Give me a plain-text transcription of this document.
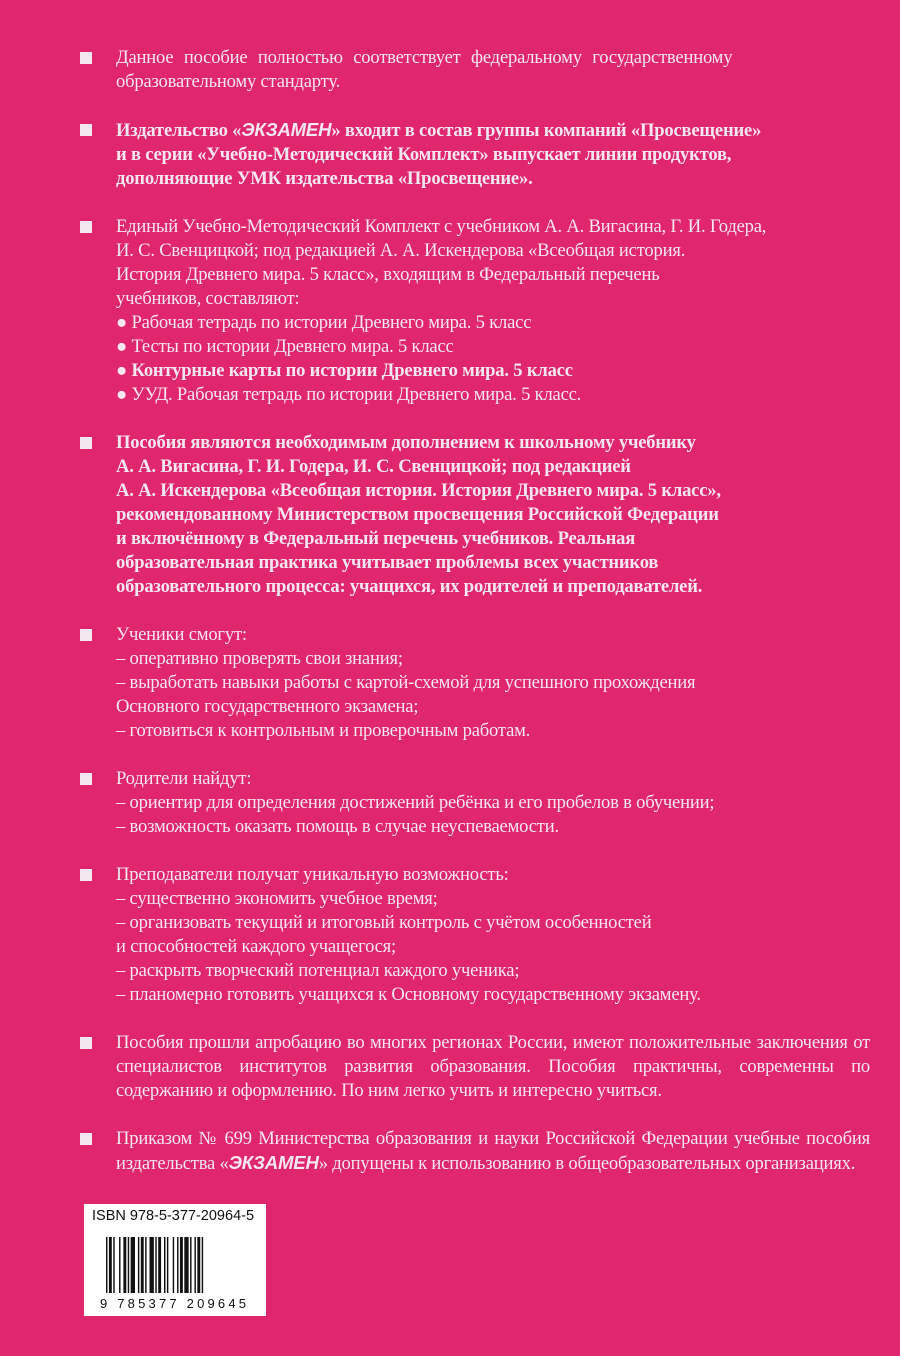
Данное пособие полностью соответствует федеральному государственному
образовательному стандарту.
Издательство «ЭКЗАМЕН» входит в состав группы компаний «Просвещение»
и в серии «Учебно-Методический Комплект» выпускает линии продуктов,
дополняющие УМК издательства «Просвещение».
Единый Учебно-Методический Комплект с учебником А. А. Вигасина, Г. И. Годера,
И. С. Свенцицкой; под редакцией А. А. Искендерова «Всеобщая история.
История Древнего мира. 5 класс», входящим в Федеральный перечень
учебников, составляют:
● Рабочая тетрадь по истории Древнего мира. 5 класс
● Тесты по истории Древнего мира. 5 класс
● Контурные карты по истории Древнего мира. 5 класс
● УУД. Рабочая тетрадь по истории Древнего мира. 5 класс.
Пособия являются необходимым дополнением к школьному учебнику
А. А. Вигасина, Г. И. Годера, И. С. Свенцицкой; под редакцией
А. А. Искендерова «Всеобщая история. История Древнего мира. 5 класс»,
рекомендованному Министерством просвещения Российской Федерации
и включённому в Федеральный перечень учебников. Реальная
образовательная практика учитывает проблемы всех участников
образовательного процесса: учащихся, их родителей и преподавателей.
Ученики смогут:
– оперативно проверять свои знания;
– выработать навыки работы с картой-схемой для успешного прохождения
Основного государственного экзамена;
– готовиться к контрольным и проверочным работам.
Родители найдут:
– ориентир для определения достижений ребёнка и его пробелов в обучении;
– возможность оказать помощь в случае неуспеваемости.
Преподаватели получат уникальную возможность:
– существенно экономить учебное время;
– организовать текущий и итоговый контроль с учётом особенностей
и способностей каждого учащегося;
– раскрыть творческий потенциал каждого ученика;
– планомерно готовить учащихся к Основному государственному экзамену.
Пособия прошли апробацию во многих регионах России, имеют положительные заключения от специалистов институтов развития образования. Пособия практичны, современны по содержанию и оформлению. По ним легко учить и интересно учиться.
Приказом № 699 Министерства образования и науки Российской Федерации учебные пособия издательства «ЭКЗАМЕН» допущены к использованию в общеобразовательных организациях.
ISBN 978-5-377-20964-5
9 785377 209645
